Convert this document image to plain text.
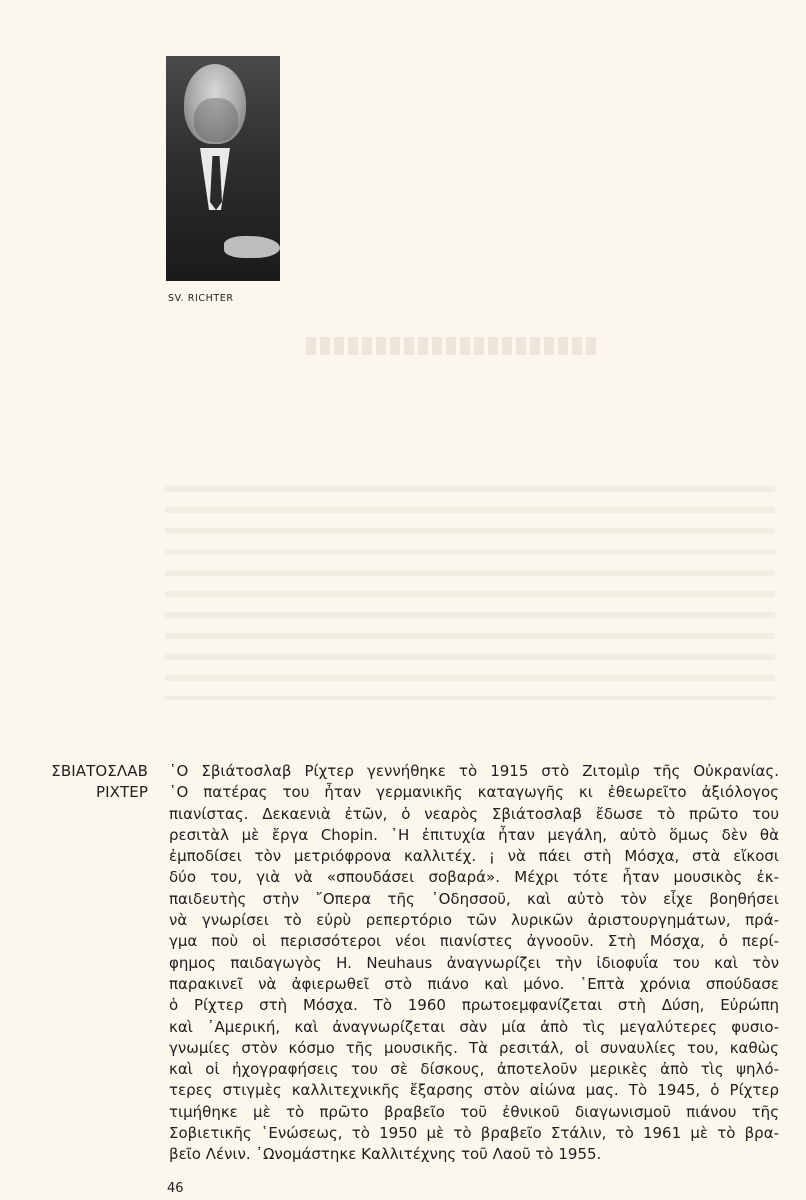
SV. RICHTER
ΣΒΙΑΤΟΣΛΑΒ
ΡΙΧΤΕΡ
῾Ο Σβιάτοσλαβ Ρίχτερ γεννήθηκε τὸ 1915 στὸ Ζιτομὶρ τῆς Οὐκρανίας.
῾Ο πατέρας του ἦταν γερμανικῆς καταγωγῆς κι ἐθεωρεῖτο ἀξιόλογος
πιανίστας. Δεκαενιὰ ἐτῶν, ὁ νεαρὸς Σβιάτοσλαβ ἔδωσε τὸ πρῶτο του
ρεσιτὰλ μὲ ἔργα Chopin. ῾Η ἐπιτυχία ἦταν μεγάλη, αὐτὸ ὅμως δὲν θὰ
ἐμποδίσει τὸν μετριόφρονα καλλιτέχ. ¡ νὰ πάει στὴ Μόσχα, στὰ εἴκοσι
δύο του, γιὰ νὰ «σπουδάσει σοβαρά». Μέχρι τότε ἦταν μουσικὸς ἐκ-
παιδευτὴς στὴν ῎Οπερα τῆς ᾽Οδησσοῦ, καὶ αὐτὸ τὸν εἶχε βοηθήσει
νὰ γνωρίσει τὸ εὐρὺ ρεπερτόριο τῶν λυρικῶν ἀριστουργημάτων, πρά-
γμα ποὺ οἱ περισσότεροι νέοι πιανίστες ἀγνοοῦν. Στὴ Μόσχα, ὁ περί-
φημος παιδαγωγὸς H. Neuhaus ἀναγνωρίζει τὴν ἰδιοφυΐα του καὶ τὸν
παρακινεῖ νὰ ἀφιερωθεῖ στὸ πιάνο καὶ μόνο. ῾Επτὰ χρόνια σπούδασε
ὁ Ρίχτερ στὴ Μόσχα. Τὸ 1960 πρωτοεμφανίζεται στὴ Δύση, Εὐρώπη
καὶ ᾽Αμερική, καὶ ἀναγνωρίζεται σὰν μία ἀπὸ τὶς μεγαλύτερες φυσιο-
γνωμίες στὸν κόσμο τῆς μουσικῆς. Τὰ ρεσιτάλ, οἱ συναυλίες του, καθὼς
καὶ οἱ ἠχογραφήσεις του σὲ δίσκους, ἀποτελοῦν μερικὲς ἀπὸ τὶς ψηλό-
τερες στιγμὲς καλλιτεχνικῆς ἔξαρσης στὸν αἰώνα μας. Τὸ 1945, ὁ Ρίχτερ
τιμήθηκε μὲ τὸ πρῶτο βραβεῖο τοῦ ἐθνικοῦ διαγωνισμοῦ πιάνου τῆς
Σοβιετικῆς ῾Ενώσεως, τὸ 1950 μὲ τὸ βραβεῖο Στάλιν, τὸ 1961 μὲ τὸ βρα-
βεῖο Λένιν. ᾽Ωνομάστηκε Καλλιτέχνης τοῦ Λαοῦ τὸ 1955.
46
